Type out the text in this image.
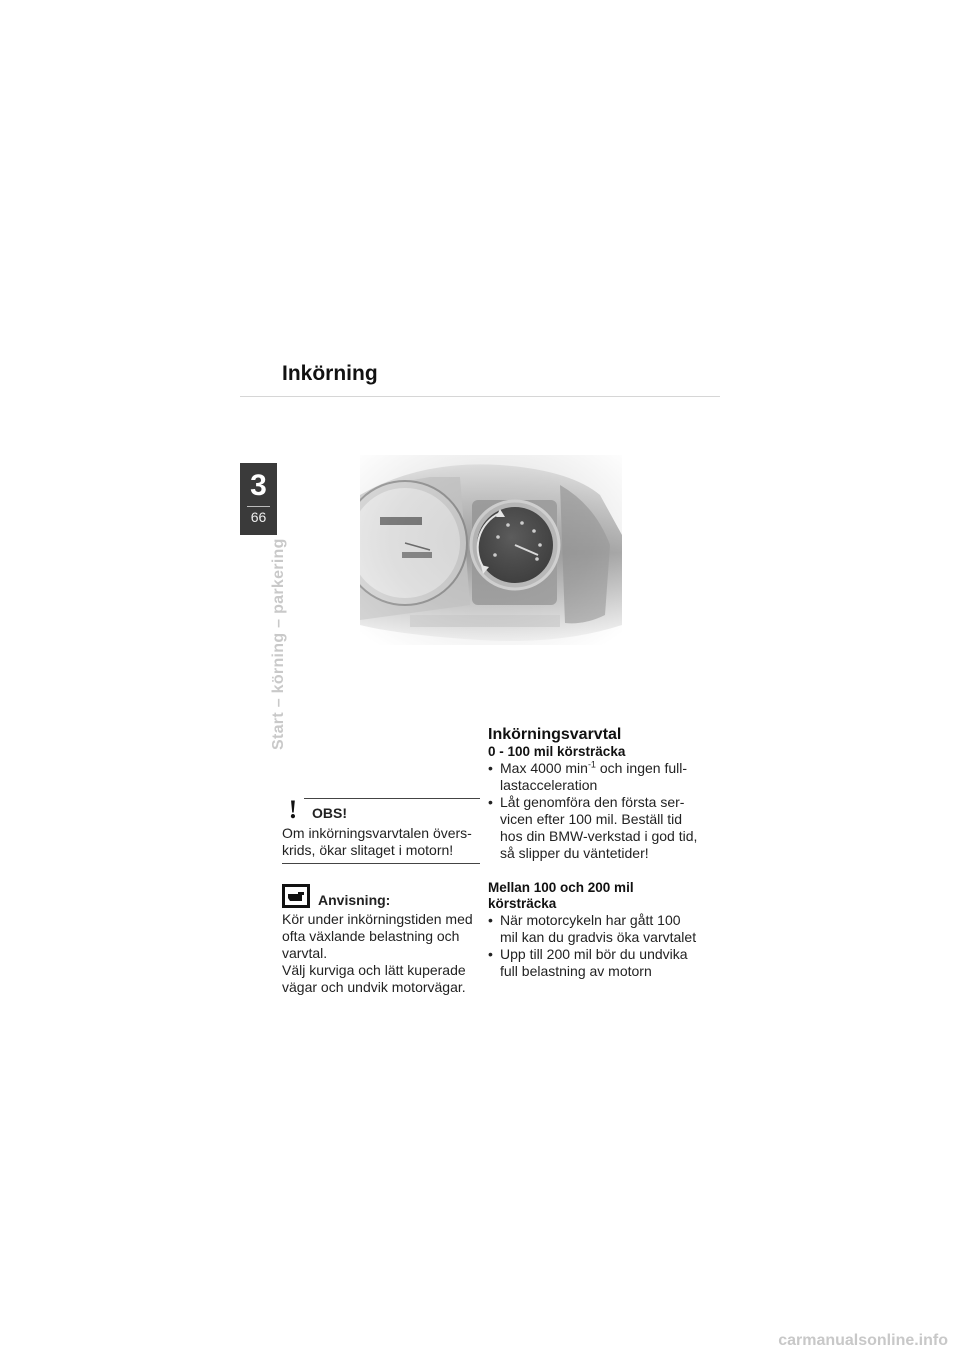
Inkörning
3
66
Start – körning – parkering
! OBS!
Om inkörningsvarvtalen övers-krids, ökar slitaget i motorn!
Anvisning:
Kör under inkörningstiden med ofta växlande belastning och varvtal.
Välj kurviga och lätt kuperade vägar och undvik motorvägar.
Inkörningsvarvtal
0 - 100 mil körsträcka
• Max 4000 $\min^{-1}$ och ingen full-lastacceleration
• Låt genomföra den första ser-vicen efter 100 mil. Beställ tid hos din BMW-verkstad i god tid, så slipper du väntetider!
Mellan 100 och 200 mil körsträcka
• När motorcykeln har gått 100 mil kan du gradvis öka varvtalet
• Upp till 200 mil bör du undvika full belastning av motorn
carmanualsonline.info
